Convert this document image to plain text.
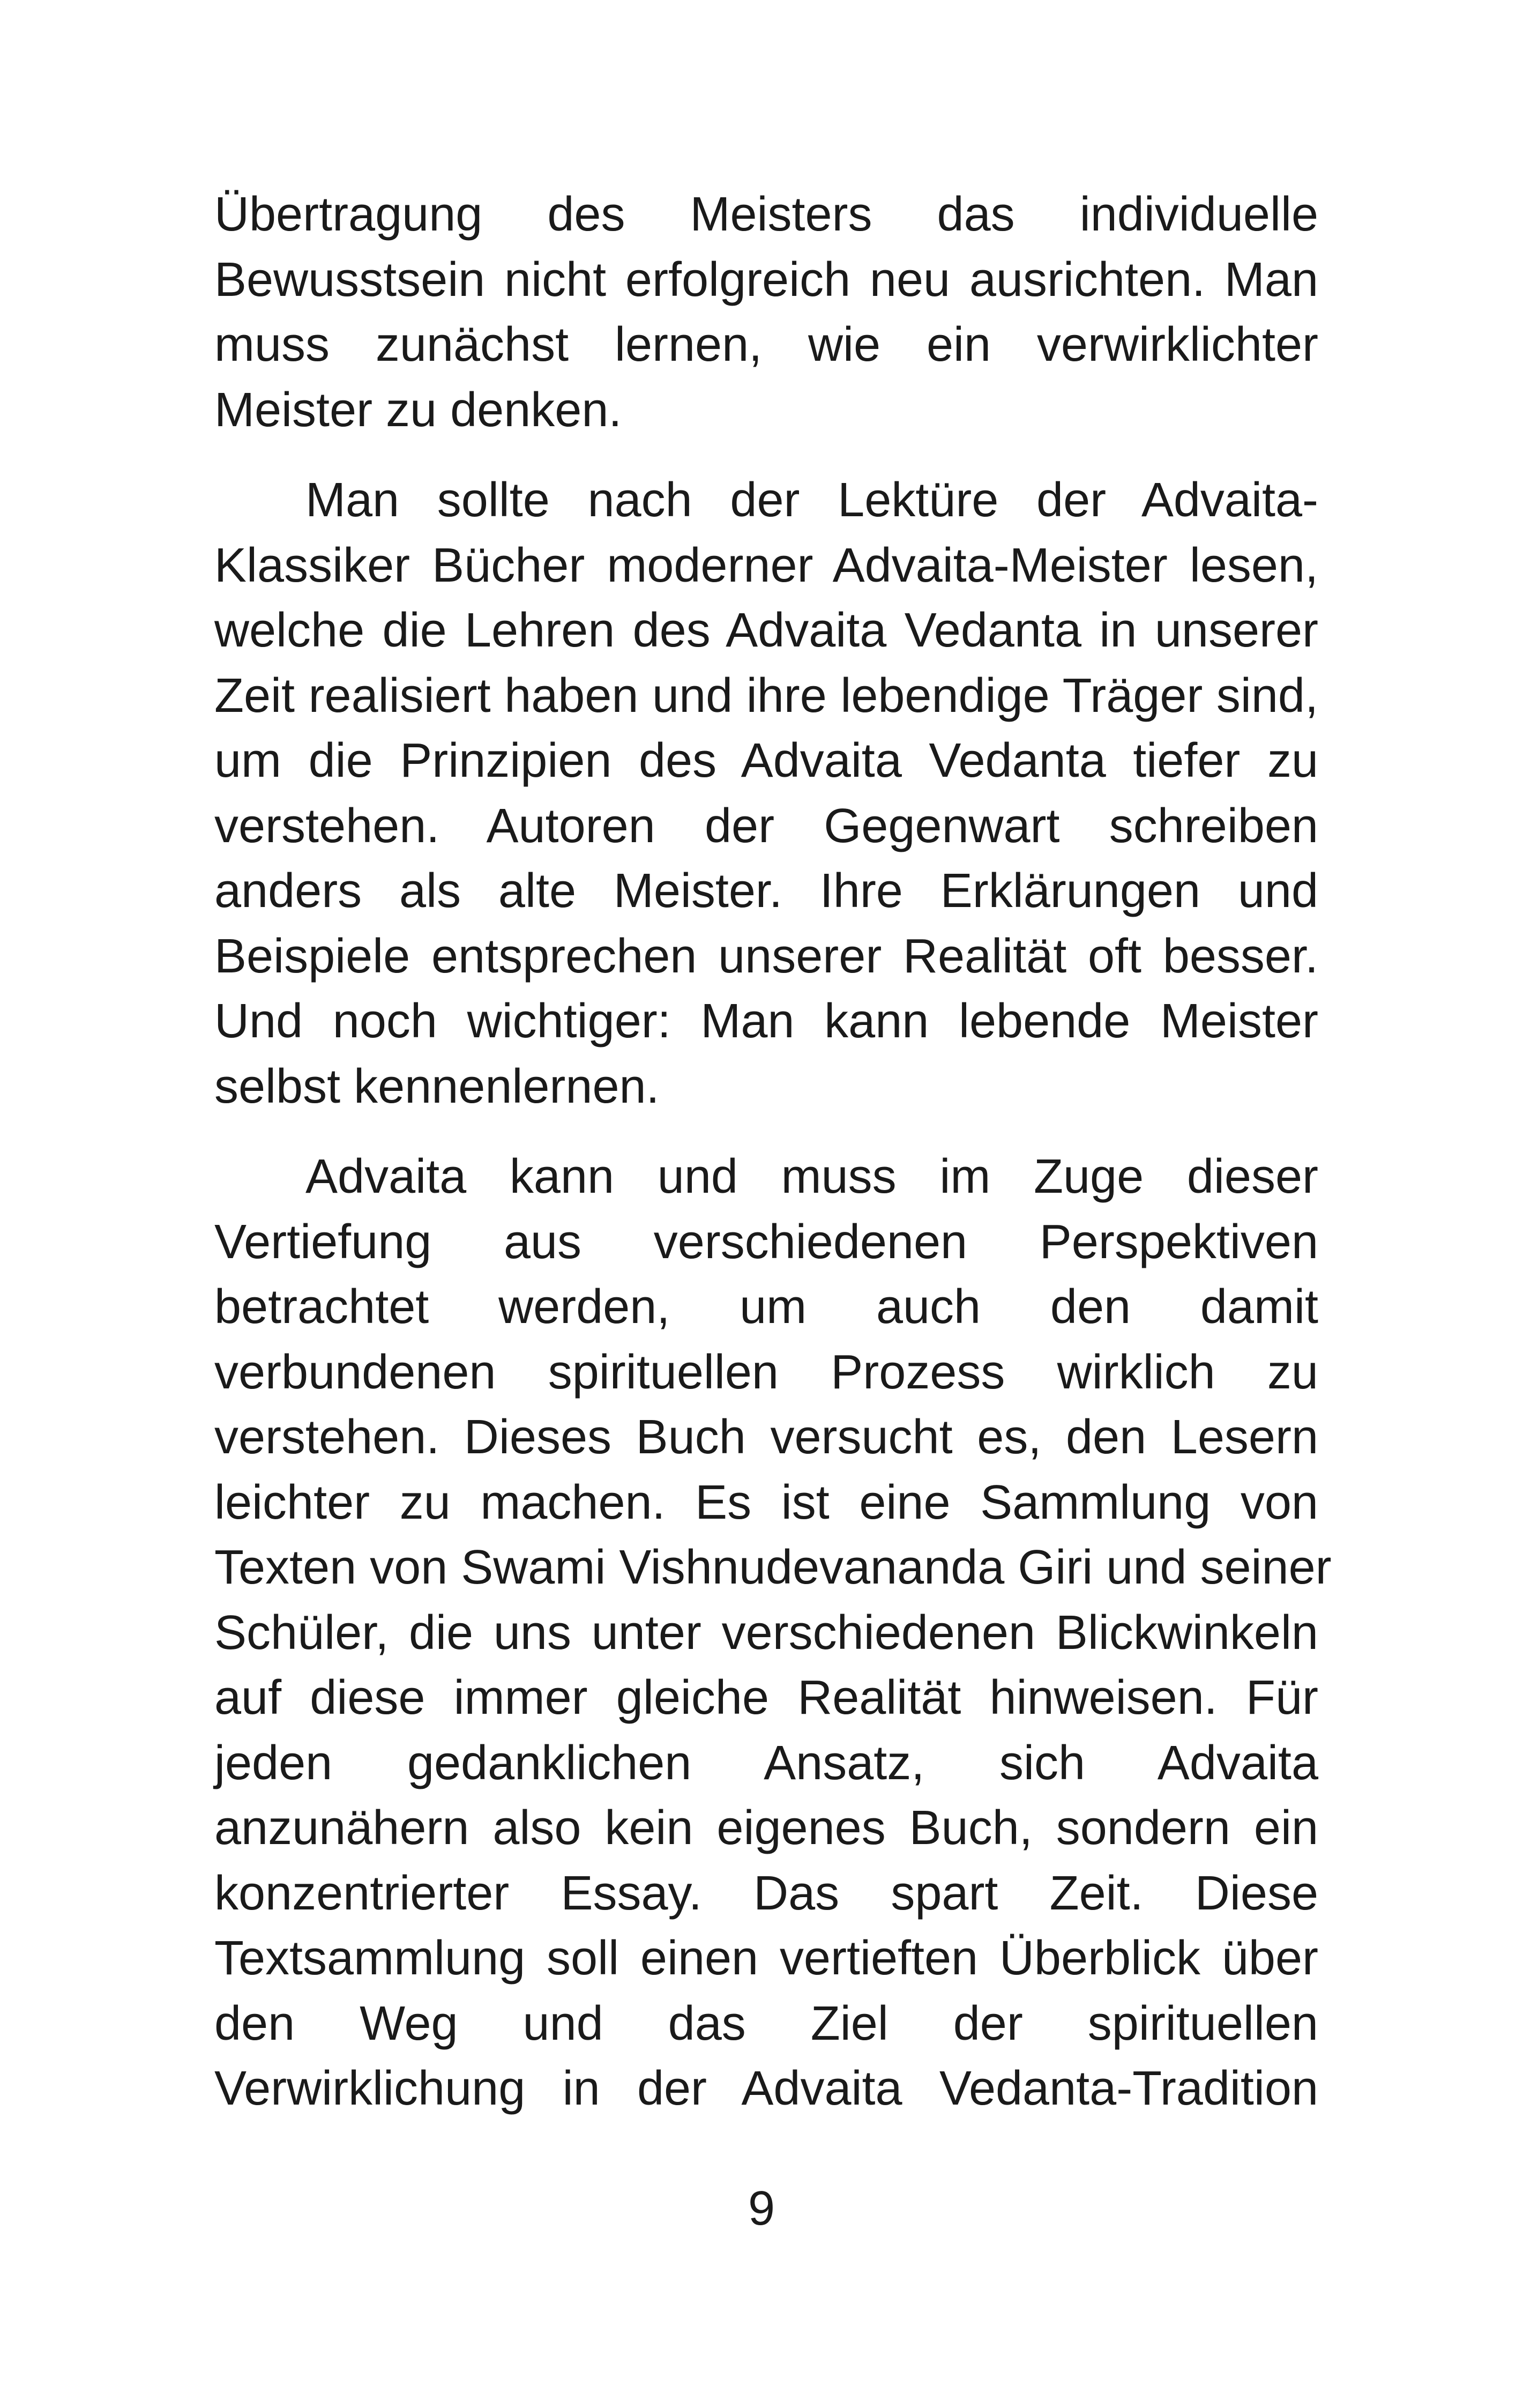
Übertragung des Meisters das individuelle
Bewusstsein nicht erfolgreich neu ausrichten. Man
muss zunächst lernen, wie ein verwirklichter
Meister zu denken.
Man sollte nach der Lektüre der Advaita-
Klassiker Bücher moderner Advaita-Meister lesen,
welche die Lehren des Advaita Vedanta in unserer
Zeit realisiert haben und ihre lebendige Träger sind,
um die Prinzipien des Advaita Vedanta tiefer zu
verstehen. Autoren der Gegenwart schreiben
anders als alte Meister. Ihre Erklärungen und
Beispiele entsprechen unserer Realität oft besser.
Und noch wichtiger: Man kann lebende Meister
selbst kennenlernen.
Advaita kann und muss im Zuge dieser
Vertiefung aus verschiedenen Perspektiven
betrachtet werden, um auch den damit
verbundenen spirituellen Prozess wirklich zu
verstehen. Dieses Buch versucht es, den Lesern
leichter zu machen. Es ist eine Sammlung von
Texten von Swami Vishnudevananda Giri und seiner
Schüler, die uns unter verschiedenen Blickwinkeln
auf diese immer gleiche Realität hinweisen. Für
jeden gedanklichen Ansatz, sich Advaita
anzunähern also kein eigenes Buch, sondern ein
konzentrierter Essay. Das spart Zeit. Diese
Textsammlung soll einen vertieften Überblick über
den Weg und das Ziel der spirituellen
Verwirklichung in der Advaita Vedanta-Tradition
9
